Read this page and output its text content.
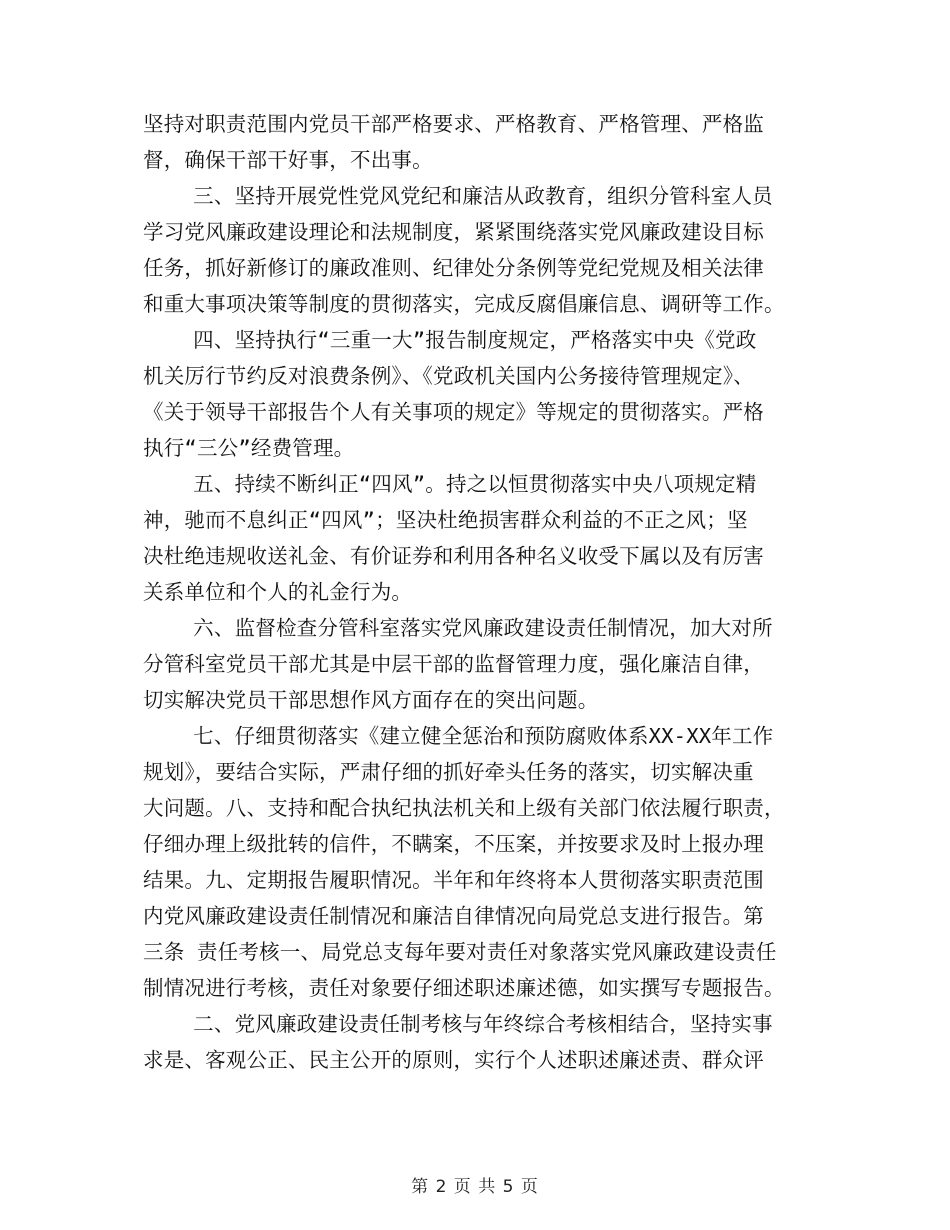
坚持对职责范围内党员干部严格要求、严格教育、严格管理、严格监
督，确保干部干好事，不出事。
三、坚持开展党性党风党纪和廉洁从政教育，组织分管科室人员
学习党风廉政建设理论和法规制度，紧紧围绕落实党风廉政建设目标
任务，抓好新修订的廉政准则、纪律处分条例等党纪党规及相关法律
和重大事项决策等制度的贯彻落实，完成反腐倡廉信息、调研等工作。
四、坚持执行“三重一大”报告制度规定，严格落实中央《党政
机关厉行节约反对浪费条例》、《党政机关国内公务接待管理规定》、
《关于领导干部报告个人有关事项的规定》等规定的贯彻落实。严格
执行“三公”经费管理。
五、持续不断纠正“四风”。持之以恒贯彻落实中央八项规定精
神，驰而不息纠正“四风”；坚决杜绝损害群众利益的不正之风；坚
决杜绝违规收送礼金、有价证券和利用各种名义收受下属以及有厉害
关系单位和个人的礼金行为。
六、监督检查分管科室落实党风廉政建设责任制情况，加大对所
分管科室党员干部尤其是中层干部的监督管理力度，强化廉洁自律，
切实解决党员干部思想作风方面存在的突出问题。
七、仔细贯彻落实《建立健全惩治和预防腐败体系XX-XX年工作
规划》，要结合实际，严肃仔细的抓好牵头任务的落实，切实解决重
大问题。八、支持和配合执纪执法机关和上级有关部门依法履行职责，
仔细办理上级批转的信件，不瞒案，不压案，并按要求及时上报办理
结果。九、定期报告履职情况。半年和年终将本人贯彻落实职责范围
内党风廉政建设责任制情况和廉洁自律情况向局党总支进行报告。第
三条 责任考核一、局党总支每年要对责任对象落实党风廉政建设责任
制情况进行考核，责任对象要仔细述职述廉述德，如实撰写专题报告。
二、党风廉政建设责任制考核与年终综合考核相结合，坚持实事
求是、客观公正、民主公开的原则，实行个人述职述廉述责、群众评
第 2 页 共 5 页
